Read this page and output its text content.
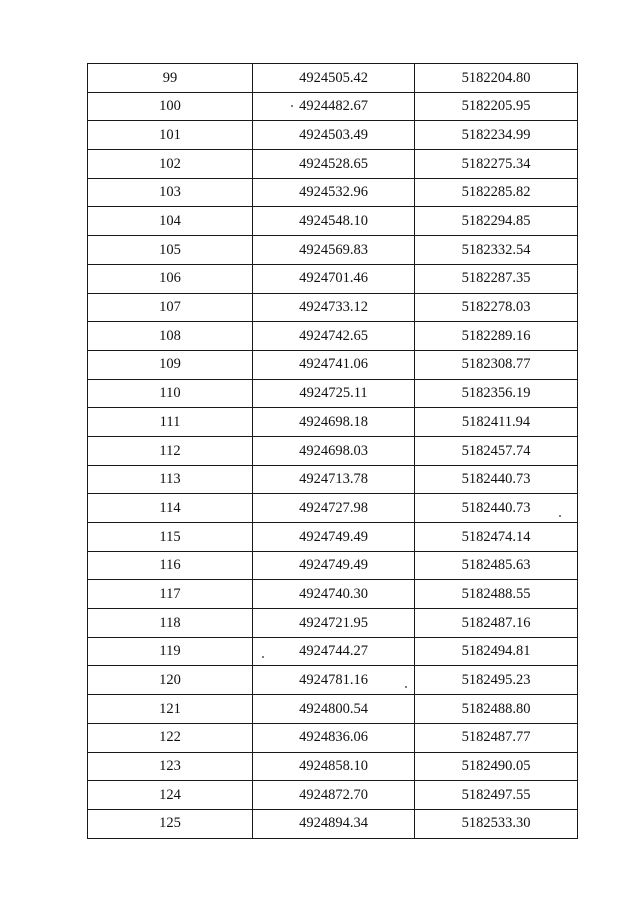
99	4924505.42	5182204.80
100	4924482.67	5182205.95
101	4924503.49	5182234.99
102	4924528.65	5182275.34
103	4924532.96	5182285.82
104	4924548.10	5182294.85
105	4924569.83	5182332.54
106	4924701.46	5182287.35
107	4924733.12	5182278.03
108	4924742.65	5182289.16
109	4924741.06	5182308.77
110	4924725.11	5182356.19
111	4924698.18	5182411.94
112	4924698.03	5182457.74
113	4924713.78	5182440.73
114	4924727.98	5182440.73
115	4924749.49	5182474.14
116	4924749.49	5182485.63
117	4924740.30	5182488.55
118	4924721.95	5182487.16
119	4924744.27	5182494.81
120	4924781.16	5182495.23
121	4924800.54	5182488.80
122	4924836.06	5182487.77
123	4924858.10	5182490.05
124	4924872.70	5182497.55
125	4924894.34	5182533.30
